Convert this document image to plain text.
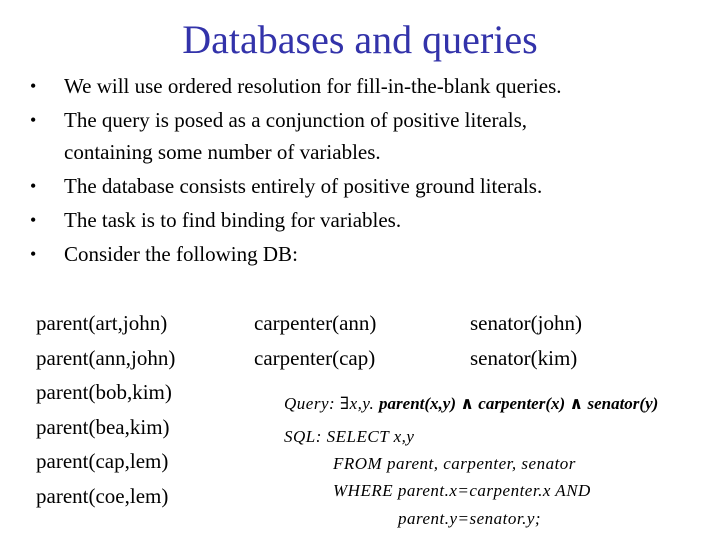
Databases and queries
• We will use ordered resolution for fill-in-the-blank queries.
• The query is posed as a conjunction of positive literals,
containing some number of variables.
• The database consists entirely of positive ground literals.
• The task is to find binding for variables.
• Consider the following DB:
parent(art,john)
parent(ann,john)
parent(bob,kim)
parent(bea,kim)
parent(cap,lem)
parent(coe,lem)
carpenter(ann)
carpenter(cap)
senator(john)
senator(kim)
Query: ∃x,y. parent(x,y) ∧ carpenter(x) ∧ senator(y)
SQL: SELECT x,y
FROM parent, carpenter, senator
WHERE parent.x=carpenter.x AND
parent.y=senator.y;
